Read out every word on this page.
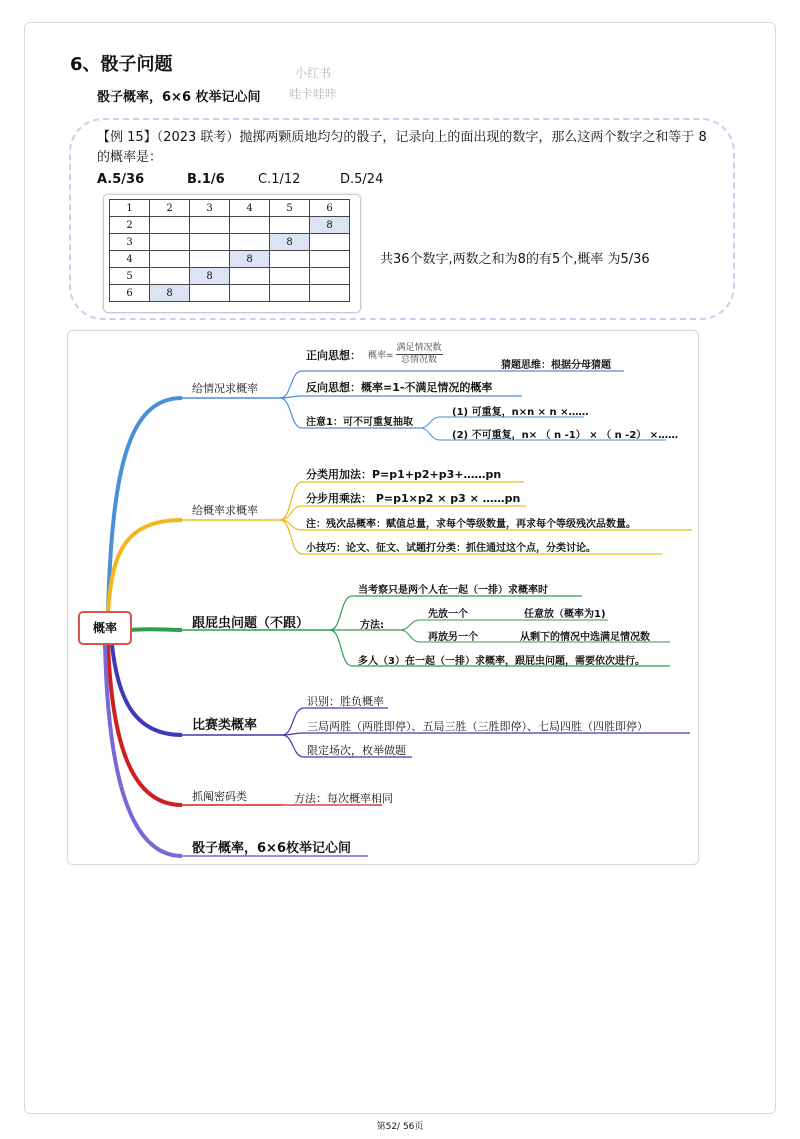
6、骰子问题
骰子概率，6×6 枚举记心间
小红书
哇卡哇咔
【例 15】（2023 联考）抛掷两颗质地均匀的骰子，记录向上的面出现的数字，那么这两个数字之和等于 8 的概率是：
A.5/36	B.1/6	C.1/12	D.5/24
1	2	3	4	5	6
2					8
3				8	
4			8		
5		8			
6	8				
共36个数字,两数之和为8的有5个,概率 为5/36
概率
给情况求概率
正向思想： 概率= $\frac{\text{满足情况数}}{\text{总情况数}}$	猜题思维：根据分母猜题
反向思想：概率=1-不满足情况的概率
注意1：可不可重复抽取
(1) 可重复，n×n × n ×……
(2) 不可重复，n× （ n -1） × （ n -2） ×……
给概率求概率
分类用加法：P=p1+p2+p3+……pn
分步用乘法： P=p1×p2 × p3 × ……pn
注：残次品概率：赋值总量，求每个等级数量，再求每个等级残次品数量。
小技巧：论文、征文、试题打分类：抓住通过这个点，分类讨论。
跟屁虫问题（不跟）
当考察只是两个人在一起（一排）求概率时
方法:
先放一个	任意放（概率为1)
再放另一个	从剩下的情况中选满足情况数
多人（3）在一起（一排）求概率，跟屁虫问题，需要依次进行。
比赛类概率
识别：胜负概率
三局两胜（两胜即停）、五局三胜（三胜即停）、七局四胜（四胜即停）
限定场次，枚举做题
抓阄密码类	方法：每次概率相同
骰子概率，6×6枚举记心间
第52/ 56页
